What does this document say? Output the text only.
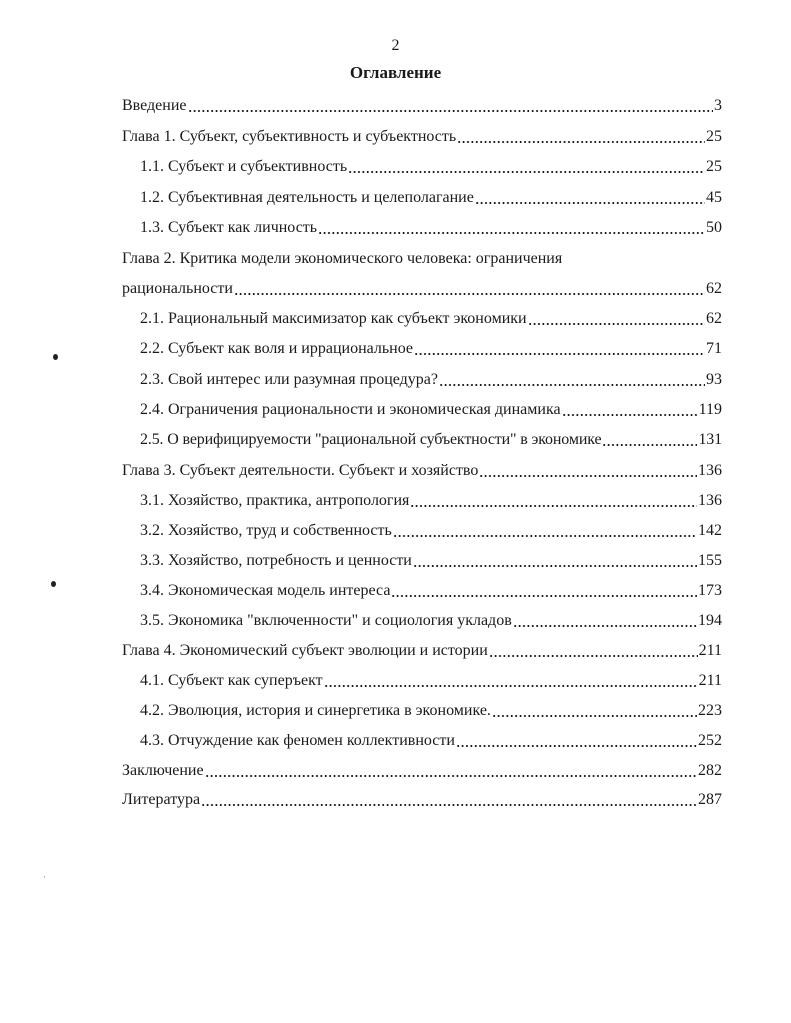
2
Оглавление
Введение	3
Глава 1. Субъект, субъективность и субъектность	25
1.1. Субъект и субъективность	25
1.2. Субъективная деятельность и целеполагание	45
1.3. Субъект как личность	50
Глава 2. Критика модели экономического человека: ограничения
рациональности	62
2.1. Рациональный максимизатор как субъект экономики	62
2.2. Субъект как воля и иррациональное	71
2.3. Свой интерес или разумная процедура?	93
2.4. Ограничения рациональности и экономическая динамика	119
2.5. О верифицируемости "рациональной субъектности" в экономике	131
Глава 3. Субъект деятельности. Субъект и хозяйство	136
3.1. Хозяйство, практика, антропология	136
3.2. Хозяйство, труд и собственность	142
3.3. Хозяйство, потребность и ценности	155
3.4. Экономическая модель интереса	173
3.5. Экономика "включенности" и социология укладов	194
Глава 4. Экономический субъект эволюции и истории	211
4.1. Субъект как суперъект	211
4.2. Эволюция, история и синергетика в экономике.	223
4.3. Отчуждение как феномен коллективности	252
Заключение	282
Литература	287
